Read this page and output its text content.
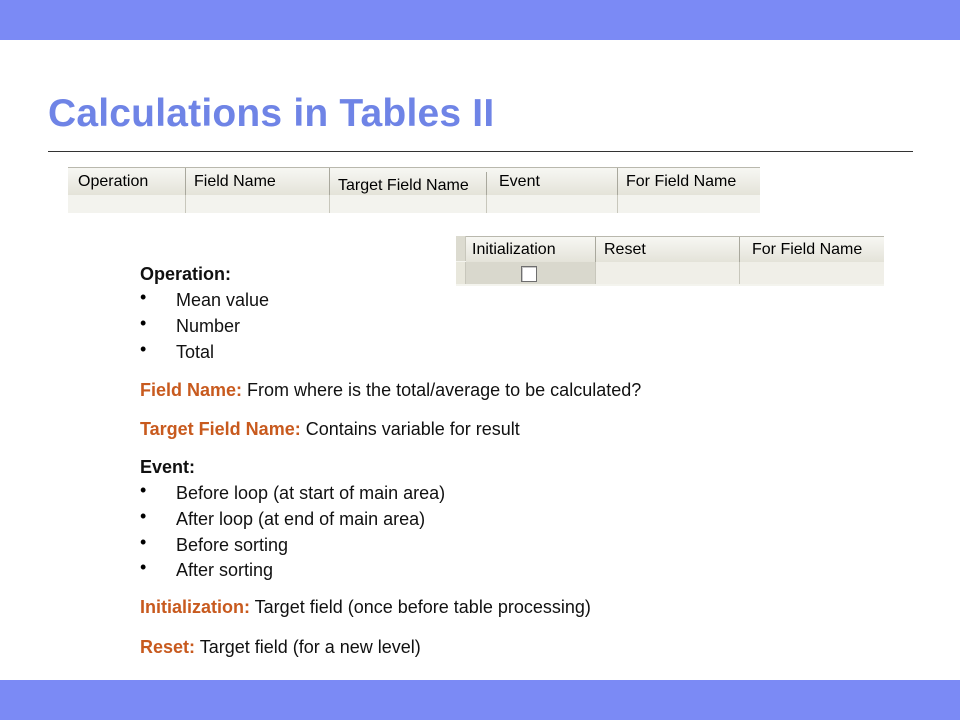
Calculations in Tables II
Operation	Field Name	Target Field Name	Event	For Field Name
Initialization	Reset	For Field Name
Operation:
• Mean value
• Number
• Total
Field Name: From where is the total/average to be calculated?
Target Field Name: Contains variable for result
Event:
• Before loop (at start of main area)
• After loop (at end of main area)
• Before sorting
• After sorting
Initialization: Target field (once before table processing)
Reset: Target field (for a new level)
